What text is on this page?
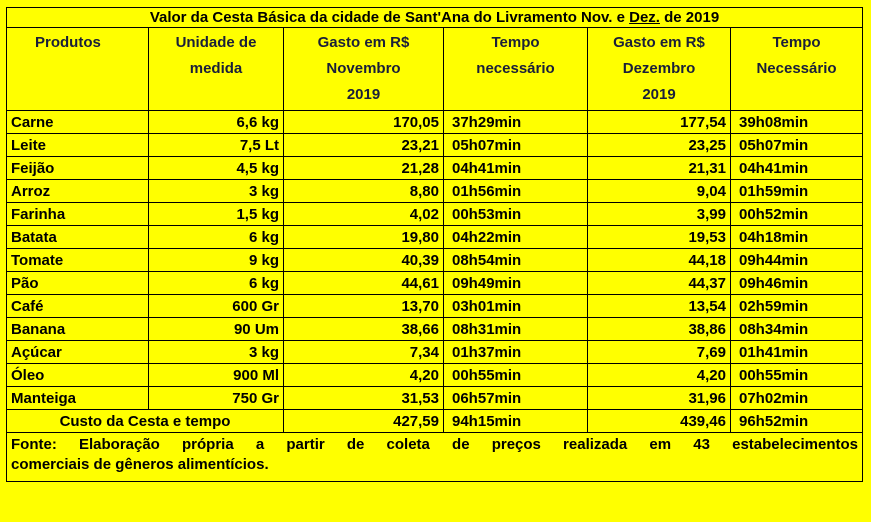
Valor da Cesta Básica da cidade de Sant'Ana do Livramento Nov. e Dez. de 2019					
Produtos	Unidade de medida	Gasto em R$ Novembro 2019	Tempo necessário	Gasto em R$ Dezembro 2019	Tempo Necessário
Carne	6,6 kg	170,05	37h29min	177,54	39h08min
Leite	7,5 Lt	23,21	05h07min	23,25	05h07min
Feijão	4,5 kg	21,28	04h41min	21,31	04h41min
Arroz	3 kg	8,80	01h56min	9,04	01h59min
Farinha	1,5 kg	4,02	00h53min	3,99	00h52min
Batata	6 kg	19,80	04h22min	19,53	04h18min
Tomate	9 kg	40,39	08h54min	44,18	09h44min
Pão	6 kg	44,61	09h49min	44,37	09h46min
Café	600 Gr	13,70	03h01min	13,54	02h59min
Banana	90 Um	38,66	08h31min	38,86	08h34min
Açúcar	3 kg	7,34	01h37min	7,69	01h41min
Óleo	900 Ml	4,20	00h55min	4,20	00h55min
Manteiga	750 Gr	31,53	06h57min	31,96	07h02min
Custo da Cesta e tempo		427,59	94h15min	439,46	96h52min

Fonte: Elaboração própria a partir de coleta de preços realizada em 43 estabelecimentos
comerciais de gêneros alimentícios.					
